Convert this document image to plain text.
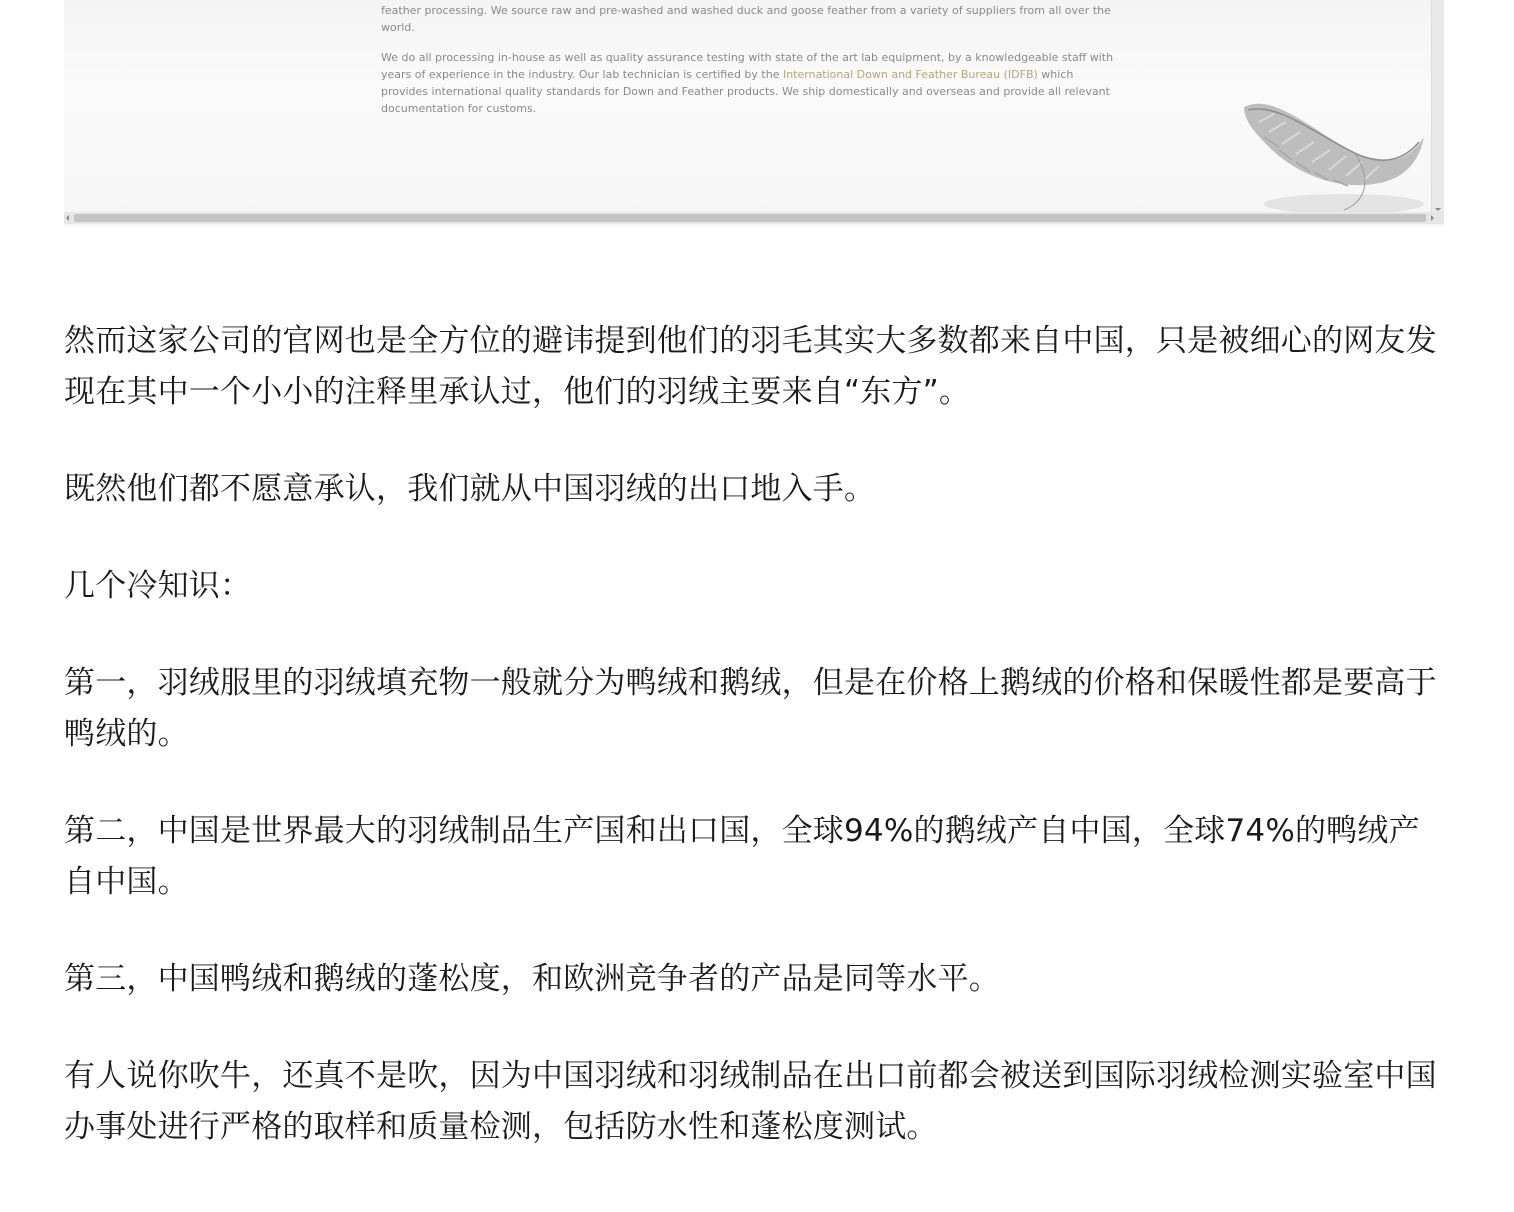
feather processing. We source raw and pre-washed and washed duck and goose feather from a variety of suppliers from all over the world.

We do all processing in-house as well as quality assurance testing with state of the art lab equipment, by a knowledgeable staff with years of experience in the industry. Our lab technician is certified by the International Down and Feather Bureau (IDFB) which provides international quality standards for Down and Feather products. We ship domestically and overseas and provide all relevant documentation for customs.

然而这家公司的官网也是全方位的避讳提到他们的羽毛其实大多数都来自中国，只是被细心的网友发现在其中一个小小的注释里承认过，他们的羽绒主要来自“东方”。

既然他们都不愿意承认，我们就从中国羽绒的出口地入手。

几个冷知识：

第一，羽绒服里的羽绒填充物一般就分为鸭绒和鹅绒，但是在价格上鹅绒的价格和保暖性都是要高于鸭绒的。

第二，中国是世界最大的羽绒制品生产国和出口国，全球94%的鹅绒产自中国，全球74%的鸭绒产自中国。

第三，中国鸭绒和鹅绒的蓬松度，和欧洲竞争者的产品是同等水平。

有人说你吹牛，还真不是吹，因为中国羽绒和羽绒制品在出口前都会被送到国际羽绒检测实验室中国办事处进行严格的取样和质量检测，包括防水性和蓬松度测试。
